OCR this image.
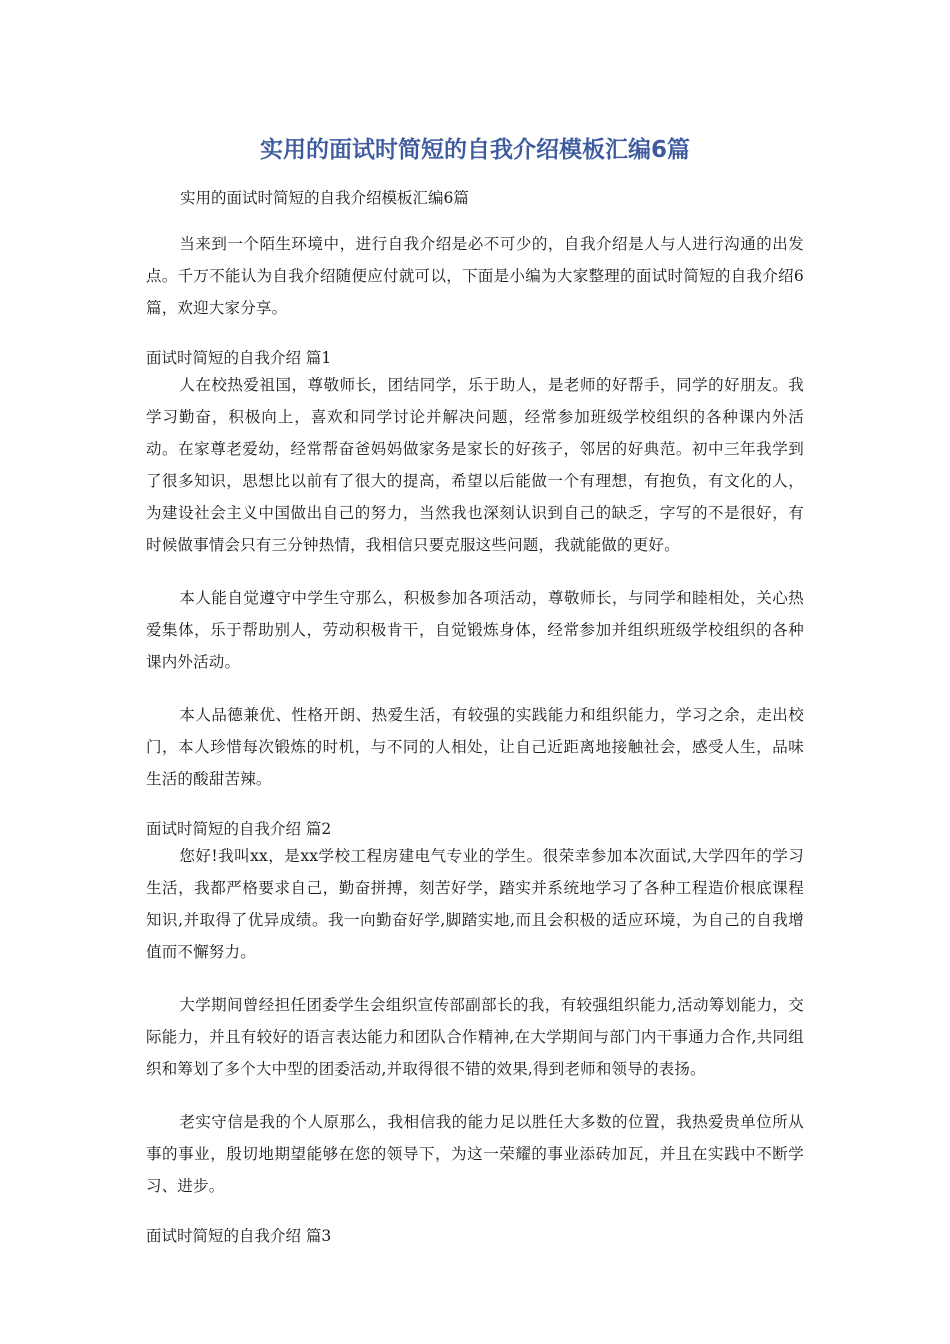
实用的面试时简短的自我介绍模板汇编6篇

实用的面试时简短的自我介绍模板汇编6篇

当来到一个陌生环境中，进行自我介绍是必不可少的，自我介绍是人与人进行沟通的出发点。千万不能认为自我介绍随便应付就可以，下面是小编为大家整理的面试时简短的自我介绍6篇，欢迎大家分享。

面试时简短的自我介绍 篇1

人在校热爱祖国，尊敬师长，团结同学，乐于助人，是老师的好帮手，同学的好朋友。我学习勤奋，积极向上，喜欢和同学讨论并解决问题，经常参加班级学校组织的各种课内外活动。在家尊老爱幼，经常帮奋爸妈妈做家务是家长的好孩子，邻居的好典范。初中三年我学到了很多知识，思想比以前有了很大的提高，希望以后能做一个有理想，有抱负，有文化的人，为建设社会主义中国做出自己的努力，当然我也深刻认识到自己的缺乏，字写的不是很好，有时候做事情会只有三分钟热情，我相信只要克服这些问题，我就能做的更好。

本人能自觉遵守中学生守那么，积极参加各项活动，尊敬师长，与同学和睦相处，关心热爱集体，乐于帮助别人，劳动积极肯干，自觉锻炼身体，经常参加并组织班级学校组织的各种课内外活动。

本人品德兼优、性格开朗、热爱生活，有较强的实践能力和组织能力，学习之余，走出校门，本人珍惜每次锻炼的时机，与不同的人相处，让自己近距离地接触社会，感受人生，品味生活的酸甜苦辣。

面试时简短的自我介绍 篇2

您好!我叫xx，是xx学校工程房建电气专业的学生。很荣幸参加本次面试,大学四年的学习生活，我都严格要求自己，勤奋拼搏，刻苦好学，踏实并系统地学习了各种工程造价根底课程知识,并取得了优异成绩。我一向勤奋好学,脚踏实地,而且会积极的适应环境，为自己的自我增值而不懈努力。

大学期间曾经担任团委学生会组织宣传部副部长的我，有较强组织能力,活动筹划能力，交际能力，并且有较好的语言表达能力和团队合作精神,在大学期间与部门内干事通力合作,共同组织和筹划了多个大中型的团委活动,并取得很不错的效果,得到老师和领导的表扬。

老实守信是我的个人原那么，我相信我的能力足以胜任大多数的位置，我热爱贵单位所从事的事业，殷切地期望能够在您的领导下，为这一荣耀的事业添砖加瓦，并且在实践中不断学习、进步。

面试时简短的自我介绍 篇3
